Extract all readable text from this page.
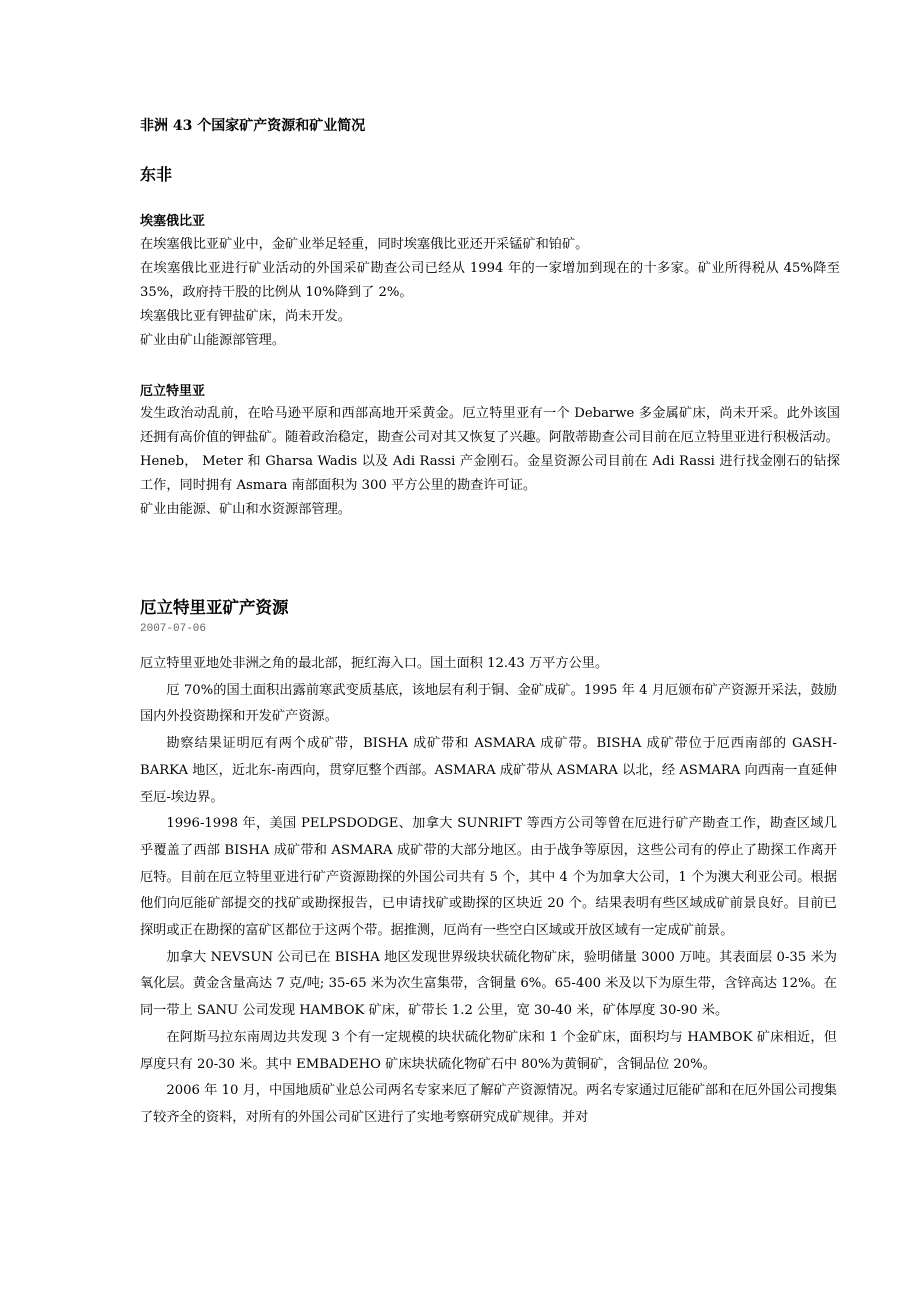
非洲 43 个国家矿产资源和矿业简况
东非
埃塞俄比亚

在埃塞俄比亚矿业中，金矿业举足轻重，同时埃塞俄比亚还开采锰矿和铂矿。

在埃塞俄比亚进行矿业活动的外国采矿勘查公司已经从 1994 年的一家增加到现在的十多家。矿业所得税从 45%降至 35%，政府持干股的比例从 10%降到了 2%。

埃塞俄比亚有钾盐矿床，尚未开发。

矿业由矿山能源部管理。

厄立特里亚

发生政治动乱前，在哈马逊平原和西部高地开采黄金。厄立特里亚有一个 Debarwe 多金属矿床，尚未开采。此外该国还拥有高价值的钾盐矿。随着政治稳定，勘查公司对其又恢复了兴趣。阿散蒂勘查公司目前在厄立特里亚进行积极活动。

Heneb， Meter 和 Gharsa Wadis 以及 Adi Rassi 产金刚石。金星资源公司目前在 Adi Rassi 进行找金刚石的钻探工作，同时拥有 Asmara 南部面积为 300 平方公里的勘查许可证。

矿业由能源、矿山和水资源部管理。

厄立特里亚矿产资源
2007-07-06

厄立特里亚地处非洲之角的最北部，扼红海入口。国土面积 12.43 万平方公里。

厄 70%的国土面积出露前寒武变质基底，该地层有利于铜、金矿成矿。1995 年 4 月厄颁布矿产资源开采法，鼓励国内外投资勘探和开发矿产资源。

勘察结果证明厄有两个成矿带，BISHA 成矿带和 ASMARA 成矿带。BISHA 成矿带位于厄西南部的 GASH-BARKA 地区，近北东-南西向，贯穿厄整个西部。ASMARA 成矿带从 ASMARA 以北，经 ASMARA 向西南一直延伸至厄-埃边界。

1996-1998 年，美国 PELPSDODGE、加拿大 SUNRIFT 等西方公司等曾在厄进行矿产勘查工作，勘查区域几乎覆盖了西部 BISHA 成矿带和 ASMARA 成矿带的大部分地区。由于战争等原因，这些公司有的停止了勘探工作离开厄特。目前在厄立特里亚进行矿产资源勘探的外国公司共有 5 个，其中 4 个为加拿大公司，1 个为澳大利亚公司。根据他们向厄能矿部提交的找矿或勘探报告，已申请找矿或勘探的区块近 20 个。结果表明有些区域成矿前景良好。目前已探明或正在勘探的富矿区都位于这两个带。据推测，厄尚有一些空白区域或开放区域有一定成矿前景。

加拿大 NEVSUN 公司已在 BISHA 地区发现世界级块状硫化物矿床，验明储量 3000 万吨。其表面层 0-35 米为氧化层。黄金含量高达 7 克/吨; 35-65 米为次生富集带，含铜量 6%。65-400 米及以下为原生带，含锌高达 12%。在同一带上 SANU 公司发现 HAMBOK 矿床，矿带长 1.2 公里，宽 30-40 米，矿体厚度 30-90 米。

在阿斯马拉东南周边共发现 3 个有一定规模的块状硫化物矿床和 1 个金矿床，面积均与 HAMBOK 矿床相近，但厚度只有 20-30 米。其中 EMBADEHO 矿床块状硫化物矿石中 80%为黄铜矿，含铜品位 20%。

2006 年 10 月，中国地质矿业总公司两名专家来厄了解矿产资源情况。两名专家通过厄能矿部和在厄外国公司搜集了较齐全的资料，对所有的外国公司矿区进行了实地考察研究成矿规律。并对
